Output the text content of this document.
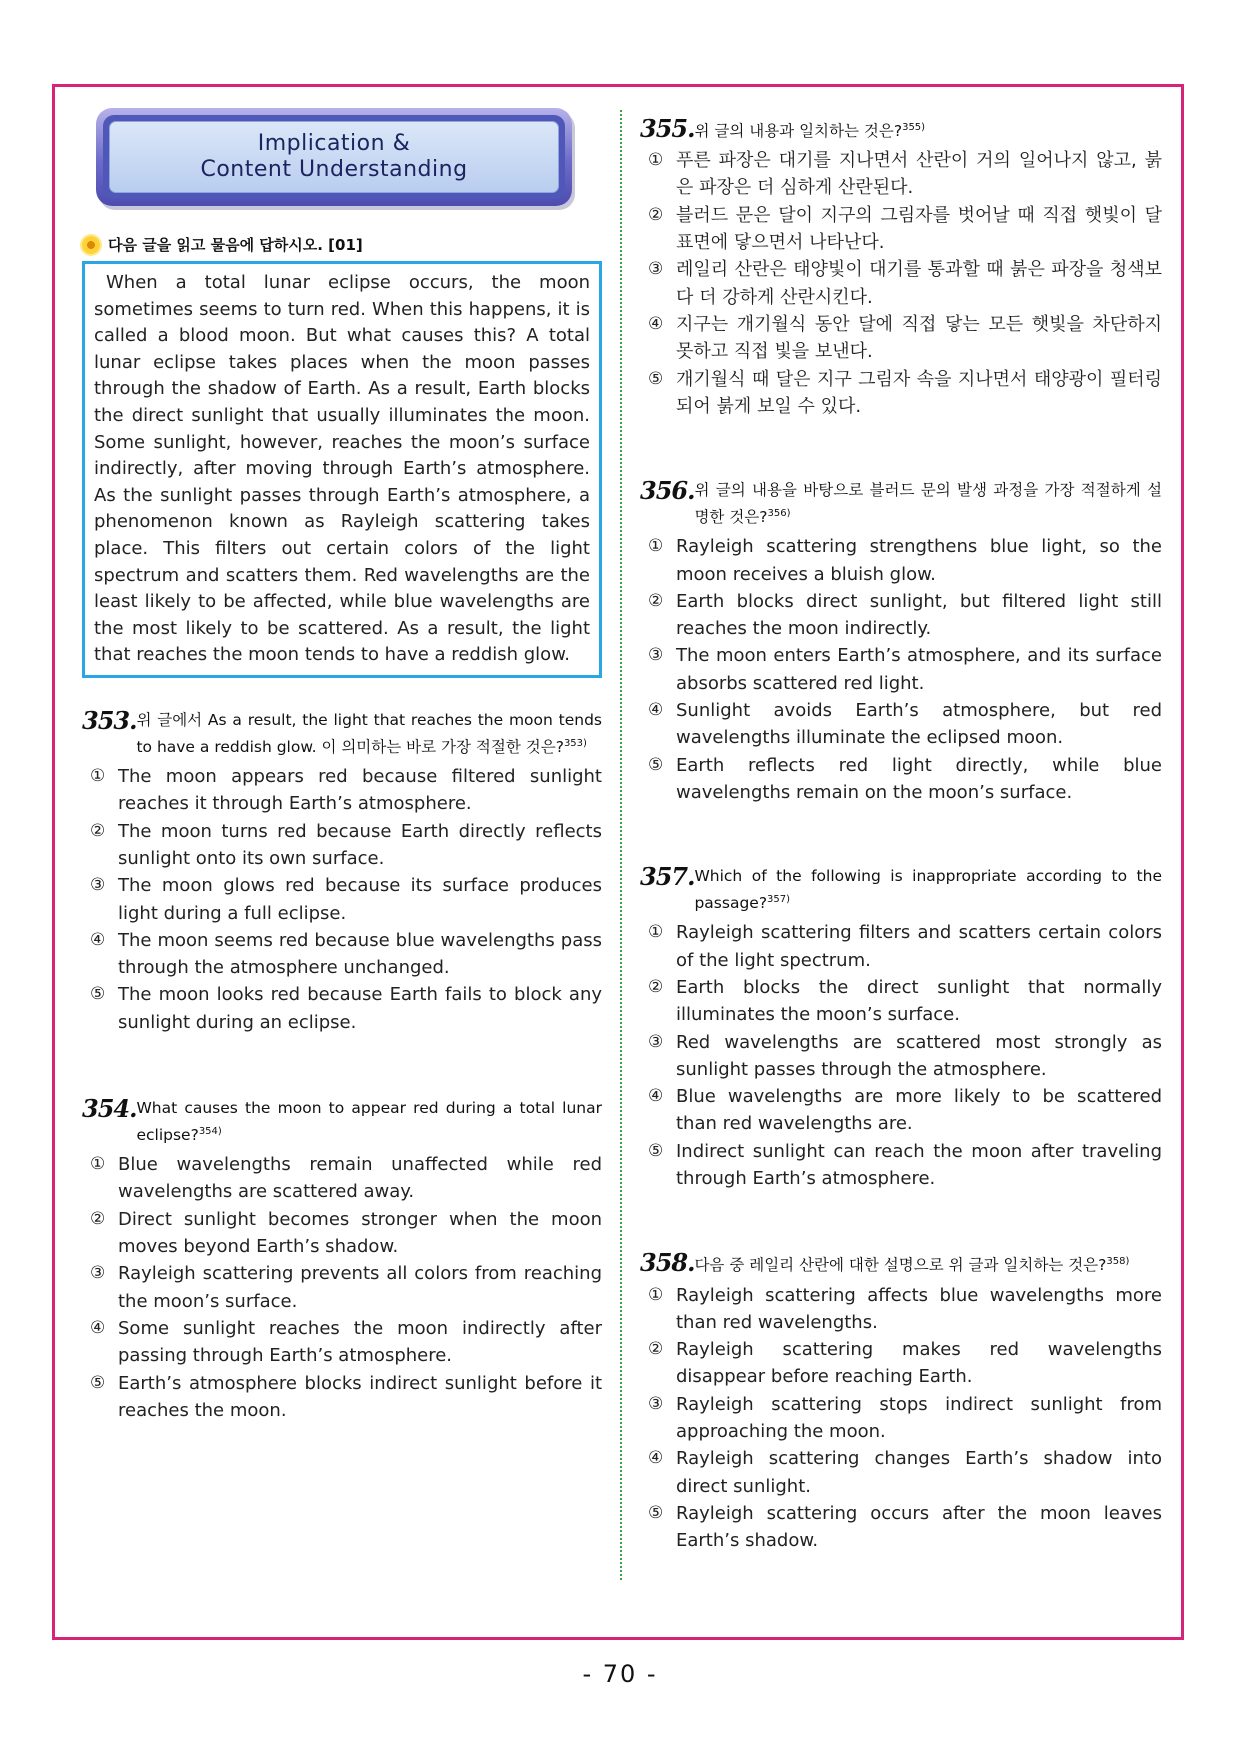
Implication &
Content Understanding
다음 글을 읽고 물음에 답하시오. [01]

When a total lunar eclipse occurs, the moon sometimes seems to turn red. When this happens, it is called a blood moon. But what causes this? A total lunar eclipse takes places when the moon passes through the shadow of Earth. As a result, Earth blocks the direct sunlight that usually illuminates the moon. Some sunlight, however, reaches the moon’s surface indirectly, after moving through Earth’s atmosphere. As the sunlight passes through Earth’s atmosphere, a phenomenon known as Rayleigh scattering takes place. This filters out certain colors of the light spectrum and scatters them. Red wavelengths are the least likely to be affected, while blue wavelengths are the most likely to be scattered. As a result, the light that reaches the moon tends to have a reddish glow.

353. 위 글에서 As a result, the light that reaches the moon tends to have a reddish glow. 이 의미하는 바로 가장 적절한 것은?$^{353)}$
① The moon appears red because filtered sunlight reaches it through Earth’s atmosphere.
② The moon turns red because Earth directly reflects sunlight onto its own surface.
③ The moon glows red because its surface produces light during a full eclipse.
④ The moon seems red because blue wavelengths pass through the atmosphere unchanged.
⑤ The moon looks red because Earth fails to block any sunlight during an eclipse.
354. What causes the moon to appear red during a total lunar eclipse?$^{354)}$
① Blue wavelengths remain unaffected while red wavelengths are scattered away.
② Direct sunlight becomes stronger when the moon moves beyond Earth’s shadow.
③ Rayleigh scattering prevents all colors from reaching the moon’s surface.
④ Some sunlight reaches the moon indirectly after passing through Earth’s atmosphere.
⑤ Earth’s atmosphere blocks indirect sunlight before it reaches the moon.
355. 위 글의 내용과 일치하는 것은?$^{355)}$
① 푸른 파장은 대기를 지나면서 산란이 거의 일어나지 않고, 붉은 파장은 더 심하게 산란된다.
② 블러드 문은 달이 지구의 그림자를 벗어날 때 직접 햇빛이 달 표면에 닿으면서 나타난다.
③ 레일리 산란은 태양빛이 대기를 통과할 때 붉은 파장을 청색보다 더 강하게 산란시킨다.
④ 지구는 개기월식 동안 달에 직접 닿는 모든 햇빛을 차단하지 못하고 직접 빛을 보낸다.
⑤ 개기월식 때 달은 지구 그림자 속을 지나면서 태양광이 필터링되어 붉게 보일 수 있다.
356. 위 글의 내용을 바탕으로 블러드 문의 발생 과정을 가장 적절하게 설명한 것은?$^{356)}$
① Rayleigh scattering strengthens blue light, so the moon receives a bluish glow.
② Earth blocks direct sunlight, but filtered light still reaches the moon indirectly.
③ The moon enters Earth’s atmosphere, and its surface absorbs scattered red light.
④ Sunlight avoids Earth’s atmosphere, but red wavelengths illuminate the eclipsed moon.
⑤ Earth reflects red light directly, while blue wavelengths remain on the moon’s surface.
357. Which of the following is inappropriate according to the passage?$^{357)}$
① Rayleigh scattering filters and scatters certain colors of the light spectrum.
② Earth blocks the direct sunlight that normally illuminates the moon’s surface.
③ Red wavelengths are scattered most strongly as sunlight passes through the atmosphere.
④ Blue wavelengths are more likely to be scattered than red wavelengths are.
⑤ Indirect sunlight can reach the moon after traveling through Earth’s atmosphere.
358. 다음 중 레일리 산란에 대한 설명으로 위 글과 일치하는 것은?$^{358)}$
① Rayleigh scattering affects blue wavelengths more than red wavelengths.
② Rayleigh scattering makes red wavelengths disappear before reaching Earth.
③ Rayleigh scattering stops indirect sunlight from approaching the moon.
④ Rayleigh scattering changes Earth’s shadow into direct sunlight.
⑤ Rayleigh scattering occurs after the moon leaves Earth’s shadow.
- 70 -
